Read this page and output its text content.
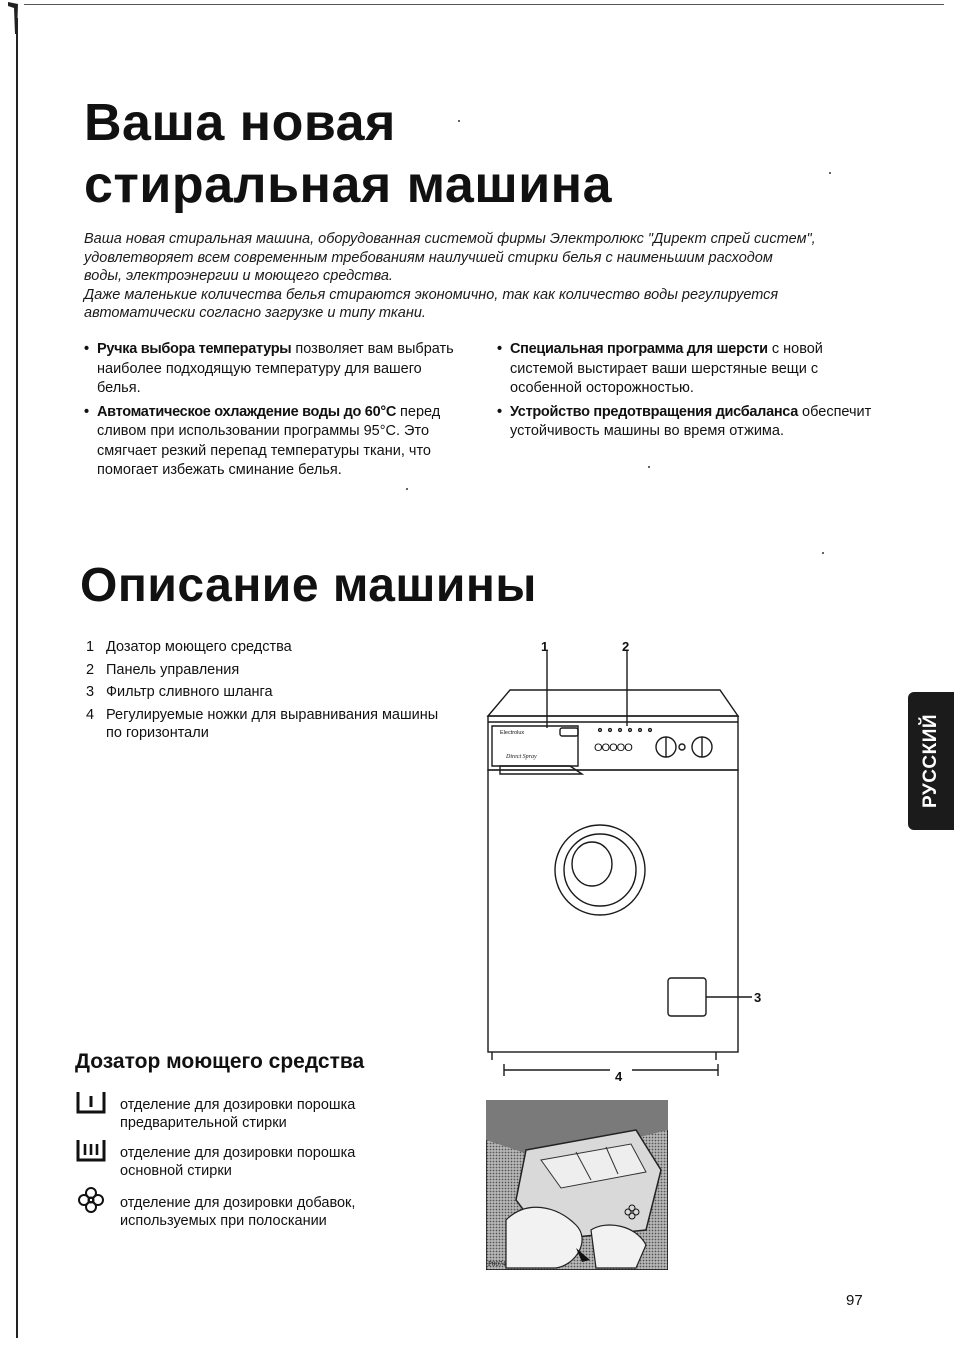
Ваша новая
стиральная машина

Ваша новая стиральная машина, оборудованная системой фирмы Электролюкс "Директ спрей систем",
удовлетворяет всем современным требованиям наилучшей стирки белья с наименьшим расходом
воды, электроэнергии и моющего средства.
Даже маленькие количества белья стираются экономично, так как количество воды регулируется
автоматически согласно загрузке и типу ткани.

• Ручка выбора температуры позволяет вам выбрать наиболее подходящую температуру для вашего белья.
• Автоматическое охлаждение воды до 60°С перед сливом при использовании программы 95°С. Это смягчает резкий перепад температуры ткани, что помогает избежать сминание белья.
• Специальная программа для шерсти с новой системой выстирает ваши шерстяные вещи с особенной осторожностью.
• Устройство предотвращения дисбаланса обеспечит устойчивость машины во время отжима.
Описание машины
1 Дозатор моющего средства
2 Панель управления
3 Фильтр сливного шланга
4 Регулируемые ножки для выравнивания машины по горизонтали	Electrolux
Direct Spray
OOOOO
1	2
3
4
Дозатор моющего средства
отделение для дозировки порошка предварительной стирки
отделение для дозировки порошка основной стирки
отделение для дозировки добавок, используемых при полоскании
P0074
РУССКИЙ
97
